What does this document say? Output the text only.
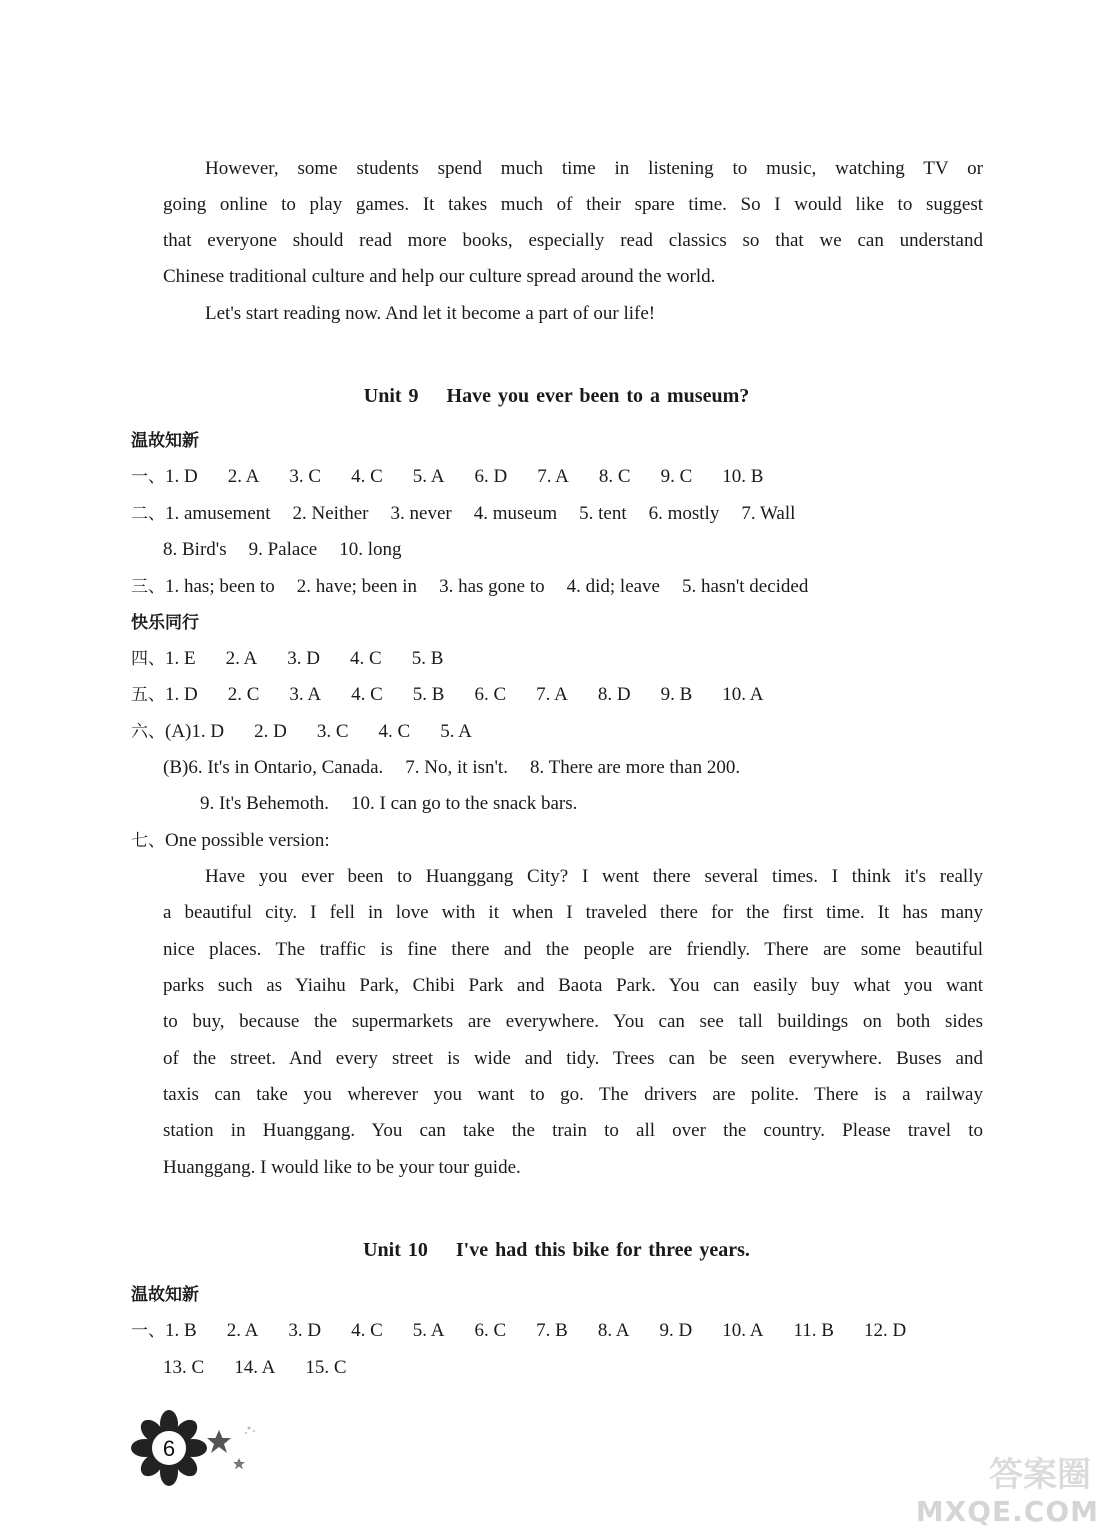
However, some students spend much time in listening to music, watching TV or
going online to play games. It takes much of their spare time. So I would like to suggest
that everyone should read more books, especially read classics so that we can understand
Chinese traditional culture and help our culture spread around the world.
Let's start reading now. And let it become a part of our life!
Unit 9    Have you ever been to a museum?
温故知新
一、 1. D 2. A 3. C 4. C 5. A 6. D 7. A 8. C 9. C 10. B
二、 1. amusement 2. Neither 3. never 4. museum 5. tent 6. mostly 7. Wall
8. Bird's 9. Palace 10. long
三、 1. has; been to 2. have; been in 3. has gone to 4. did; leave 5. hasn't decided
快乐同行
四、 1. E 2. A 3. D 4. C 5. B
五、 1. D 2. C 3. A 4. C 5. B 6. C 7. A 8. D 9. B 10. A
六、 (A)1. D 2. D 3. C 4. C 5. A
(B)6. It's in Ontario, Canada. 7. No, it isn't. 8. There are more than 200.
9. It's Behemoth. 10. I can go to the snack bars.
七、 One possible version:
Have you ever been to Huanggang City? I went there several times. I think it's really
a beautiful city. I fell in love with it when I traveled there for the first time. It has many
nice places. The traffic is fine there and the people are friendly. There are some beautiful
parks such as Yiaihu Park, Chibi Park and Baota Park. You can easily buy what you want
to buy, because the supermarkets are everywhere. You can see tall buildings on both sides
of the street. And every street is wide and tidy. Trees can be seen everywhere. Buses and
taxis can take you wherever you want to go. The drivers are polite. There is a railway
station in Huanggang. You can take the train to all over the country. Please travel to
Huanggang. I would like to be your tour guide.
Unit 10    I've had this bike for three years.
温故知新
一、 1. B 2. A 3. D 4. C 5. A 6. C 7. B 8. A 9. D 10. A 11. B 12. D
13. C 14. A 15. C
6
答案圈
MXQE.COM
